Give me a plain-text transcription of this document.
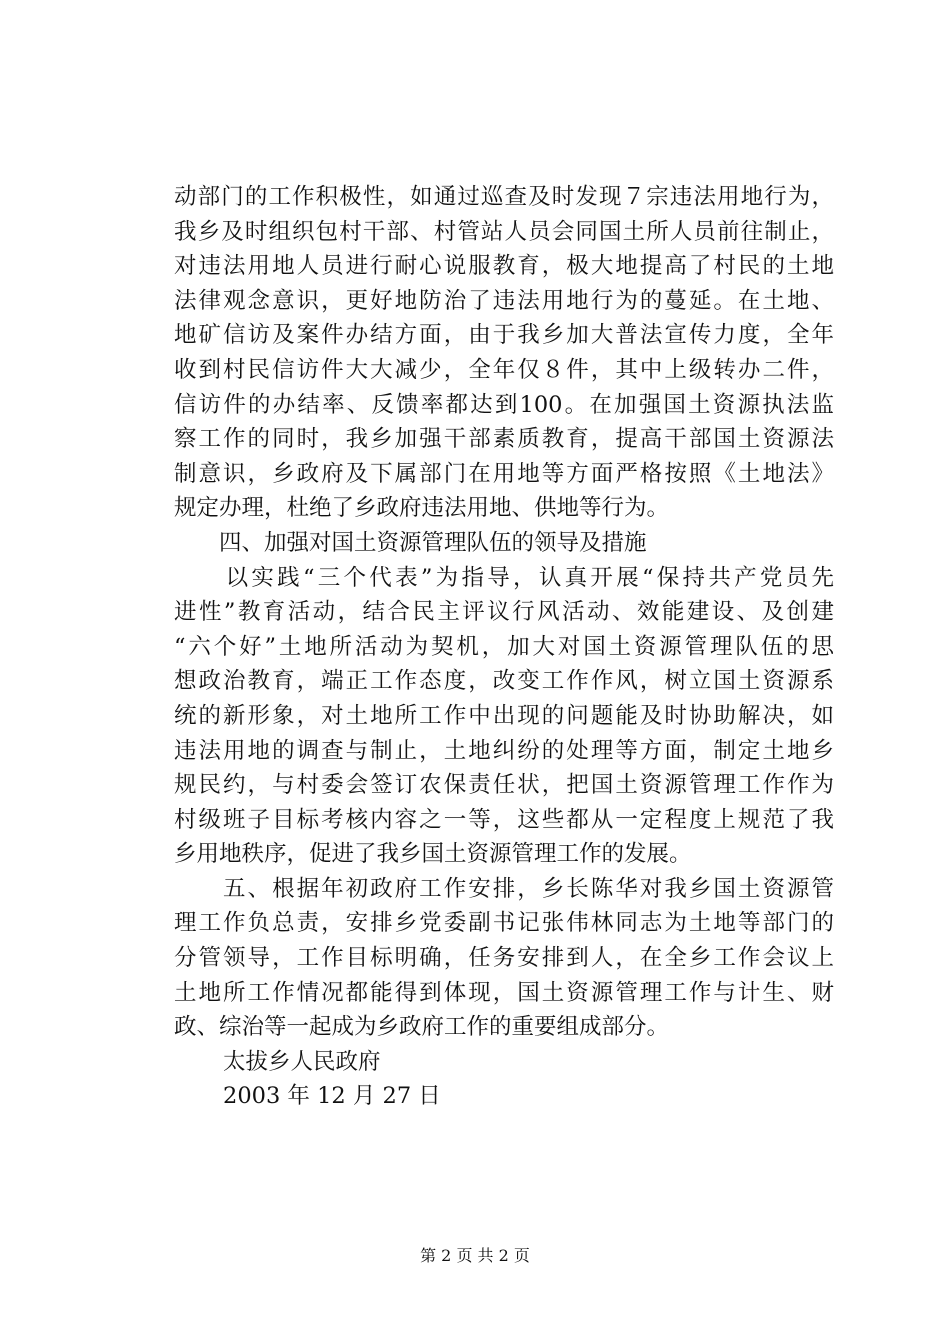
动部门的工作积极性，如通过巡查及时发现７宗违法用地行为，
我乡及时组织包村干部、村管站人员会同国土所人员前往制止，
对违法用地人员进行耐心说服教育，极大地提高了村民的土地
法律观念意识，更好地防治了违法用地行为的蔓延。在土地、
地矿信访及案件办结方面，由于我乡加大普法宣传力度，全年
收到村民信访件大大减少，全年仅８件，其中上级转办二件，
信访件的办结率、反馈率都达到100。在加强国土资源执法监
察工作的同时，我乡加强干部素质教育，提高干部国土资源法
制意识，乡政府及下属部门在用地等方面严格按照《土地法》
规定办理，杜绝了乡政府违法用地、供地等行为。
　　四、加强对国土资源管理队伍的领导及措施
　　以实践“三个代表”为指导，认真开展“保持共产党员先
进性”教育活动，结合民主评议行风活动、效能建设、及创建
“六个好”土地所活动为契机，加大对国土资源管理队伍的思
想政治教育，端正工作态度，改变工作作风，树立国土资源系
统的新形象，对土地所工作中出现的问题能及时协助解决，如
违法用地的调查与制止，土地纠纷的处理等方面，制定土地乡
规民约，与村委会签订农保责任状，把国土资源管理工作作为
村级班子目标考核内容之一等，这些都从一定程度上规范了我
乡用地秩序，促进了我乡国土资源管理工作的发展。
　　五、根据年初政府工作安排，乡长陈华对我乡国土资源管
理工作负总责，安排乡党委副书记张伟林同志为土地等部门的
分管领导，工作目标明确，任务安排到人，在全乡工作会议上
土地所工作情况都能得到体现，国土资源管理工作与计生、财
政、综治等一起成为乡政府工作的重要组成部分。
　　太拔乡人民政府
　　2003 年 12 月 27 日
第 2 页 共 2 页
